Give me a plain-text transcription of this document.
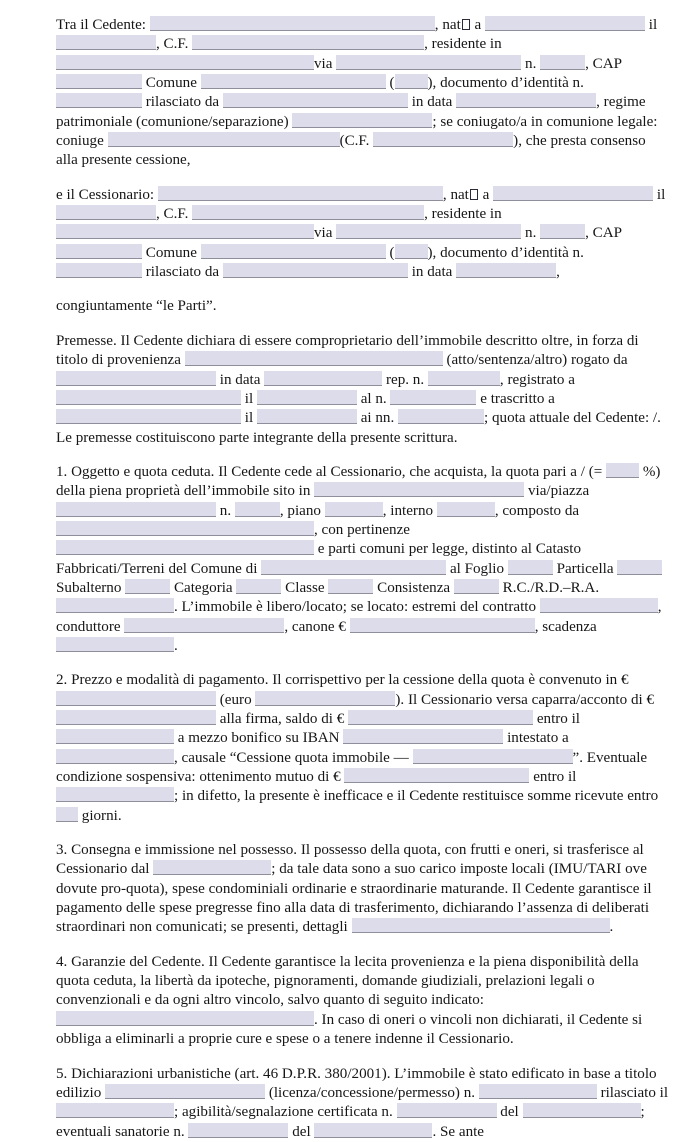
Tra il Cedente:	, nat a	il , C.F.	, residente in via	n.	, CAP  Comune	( ), documento d’identità n.  rilasciato da	in data	, regime patrimoniale (comunione/separazione)	; se coniugato/a in comunione legale: coniuge	(C.F.	), che presta consenso alla presente cessione,

e il Cessionario:	, nat a	il , C.F.	, residente in via	n.	, CAP  Comune	( ), documento d’identità n.  rilasciato da	in data	,

congiuntamente “le Parti”.

Premesse. Il Cedente dichiara di essere comproprietario dell’immobile descritto oltre, in forza di titolo di provenienza	(atto/sentenza/altro) rogato da  in data	rep. n.	, registrato a  il	al n.	e trascritto a  il	ai nn.	; quota attuale del Cedente: /. Le premesse costituiscono parte integrante della presente scrittura.

1. Oggetto e quota ceduta. Il Cedente cede al Cessionario, che acquista, la quota pari a / (=	%) della piena proprietà dell’immobile sito in	via/piazza  n.	, piano	, interno	, composto da , con pertinenze  e parti comuni per legge, distinto al Catasto Fabbricati/Terreni del Comune di	al Foglio	Particella  Subalterno	Categoria	Classe	Consistenza	R.C./R.D.–R.A. . L’immobile è libero/locato; se locato: estremi del contratto	, conduttore	, canone €	, scadenza .

2. Prezzo e modalità di pagamento. Il corrispettivo per la cessione della quota è convenuto in €  (euro	). Il Cessionario versa caparra/acconto di €  alla firma, saldo di €	entro il  a mezzo bonifico su IBAN	intestato a , causale “Cessione quota immobile —	”. Eventuale condizione sospensiva: ottenimento mutuo di €	entro il ; in difetto, la presente è inefficace e il Cedente restituisce somme ricevute entro  giorni.

3. Consegna e immissione nel possesso. Il possesso della quota, con frutti e oneri, si trasferisce al Cessionario dal	; da tale data sono a suo carico imposte locali (IMU/TARI ove dovute pro-quota), spese condominiali ordinarie e straordinarie maturande. Il Cedente garantisce il pagamento delle spese pregresse fino alla data di trasferimento, dichiarando l’assenza di deliberati straordinari non comunicati; se presenti, dettagli	.

4. Garanzie del Cedente. Il Cedente garantisce la lecita provenienza e la piena disponibilità della quota ceduta, la libertà da ipoteche, pignoramenti, domande giudiziali, prelazioni legali o convenzionali e da ogni altro vincolo, salvo quanto di seguito indicato: . In caso di oneri o vincoli non dichiarati, il Cedente si obbliga a eliminarli a proprie cure e spese o a tenere indenne il Cessionario.

5. Dichiarazioni urbanistiche (art. 46 D.P.R. 380/2001). L’immobile è stato edificato in base a titolo edilizio	(licenza/concessione/permesso) n.	rilasciato il ; agibilità/segnalazione certificata n.	del	; eventuali sanatorie n.	del	. Se ante
